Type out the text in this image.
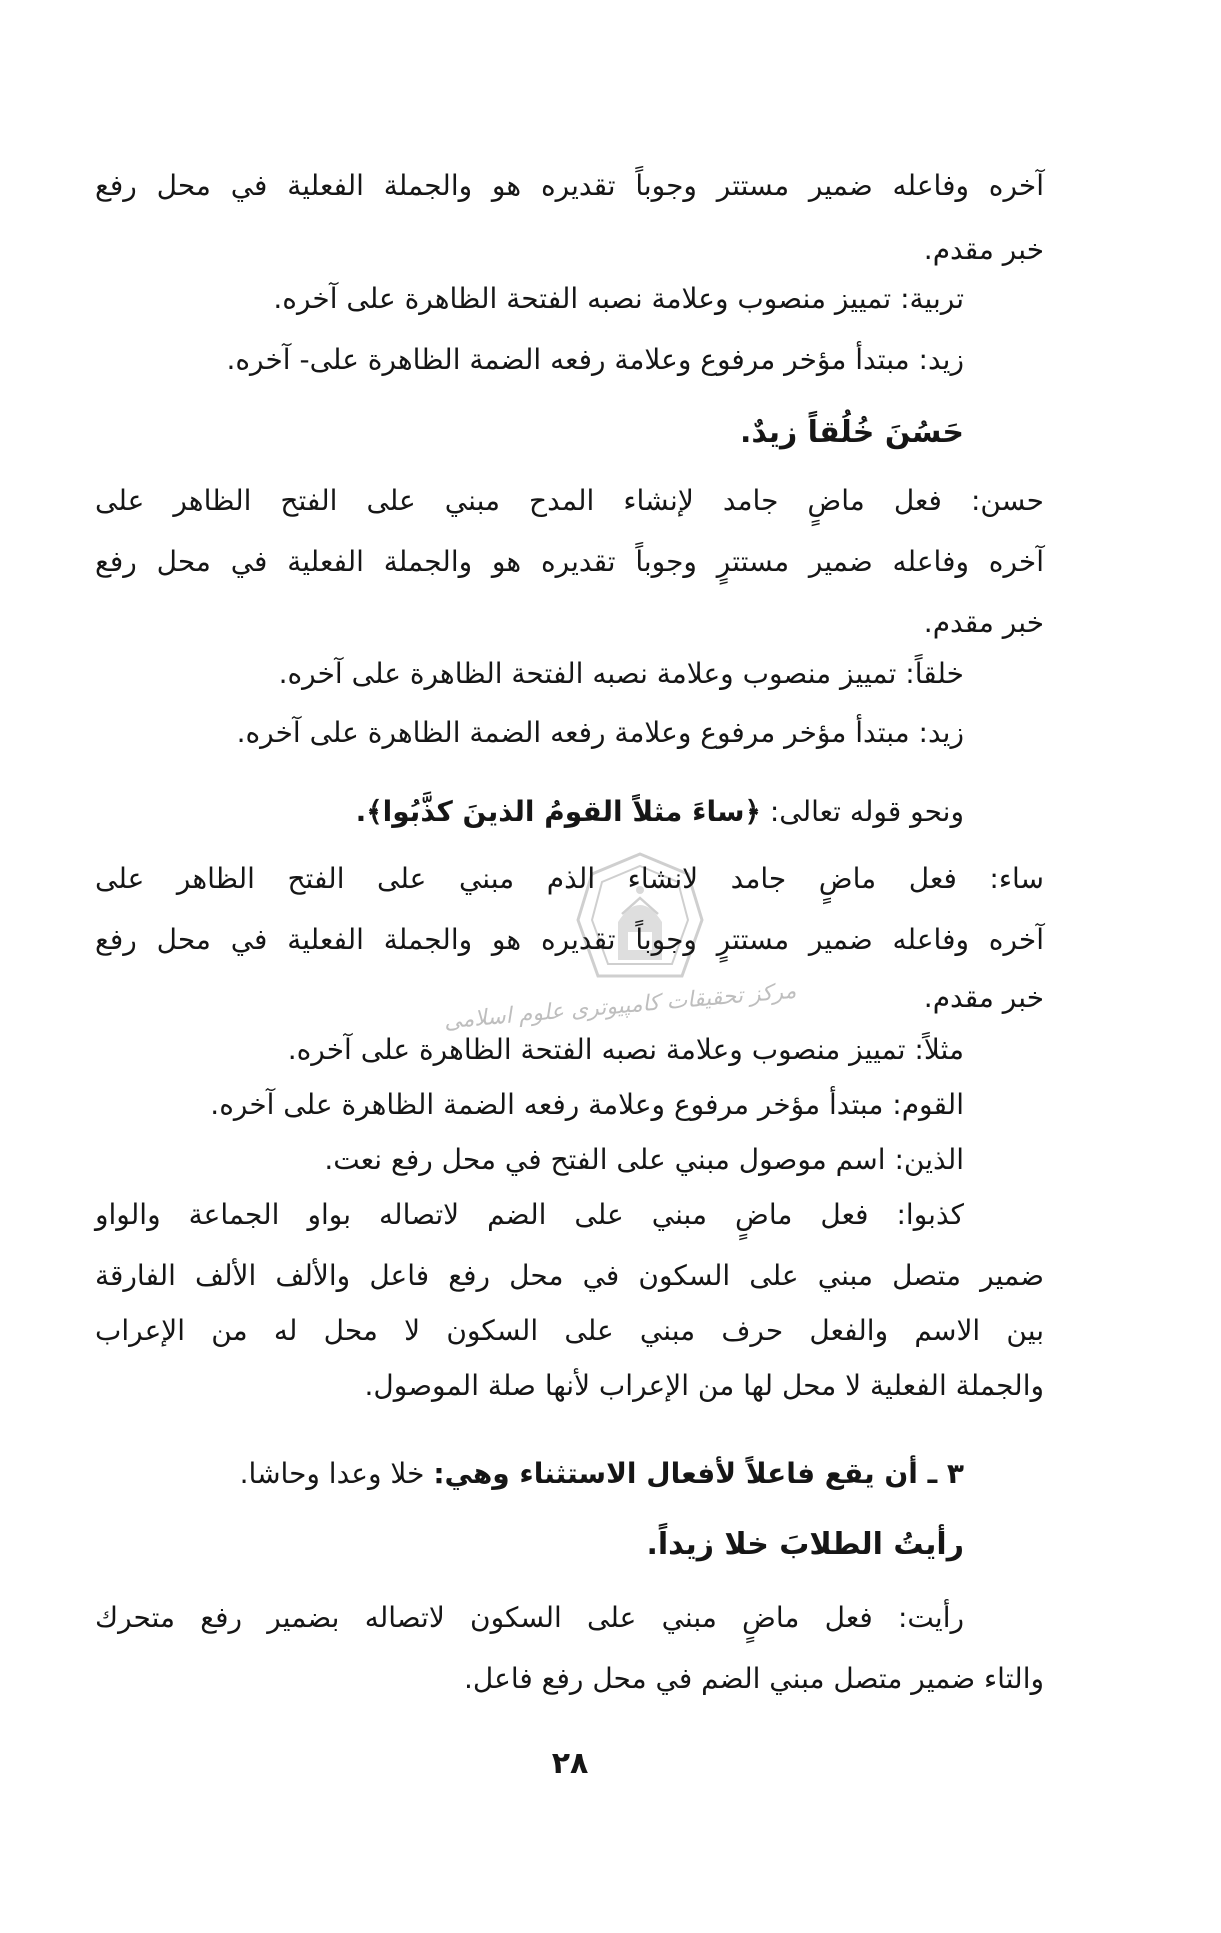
مرکز تحقیقات کامپیوتری علوم اسلامی
آخره وفاعله ضمير مستتر وجوباً تقديره هو والجملة الفعلية في محل رفع
خبر مقدم.
تربية: تمييز منصوب وعلامة نصبه الفتحة الظاهرة على آخره.
زيد: مبتدأ مؤخر مرفوع وعلامة رفعه الضمة الظاهرة على- آخره.
حَسُنَ خُلُقاً زيدٌ.
حسن: فعل ماضٍ جامد لإنشاء المدح مبني على الفتح الظاهر على
آخره وفاعله ضمير مستترٍ وجوباً تقديره هو والجملة الفعلية في محل رفع
خبر مقدم.
خلقاً: تمييز منصوب وعلامة نصبه الفتحة الظاهرة على آخره.
زيد: مبتدأ مؤخر مرفوع وعلامة رفعه الضمة الظاهرة على آخره.
ونحو قوله تعالى: ﴿ساءَ مثلاً القومُ الذينَ كذَّبُوا﴾.
ساء: فعل ماضٍ جامد لانشاء الذم مبني على الفتح الظاهر على
آخره وفاعله ضمير مستترٍ وجوباً تقديره هو والجملة الفعلية في محل رفع
خبر مقدم.
مثلاً: تمييز منصوب وعلامة نصبه الفتحة الظاهرة على آخره.
القوم: مبتدأ مؤخر مرفوع وعلامة رفعه الضمة الظاهرة على آخره.
الذين: اسم موصول مبني على الفتح في محل رفع نعت.
كذبوا: فعل ماضٍ مبني على الضم لاتصاله بواو الجماعة والواو
ضمير متصل مبني على السكون في محل رفع فاعل والألف الألف الفارقة
بين الاسم والفعل حرف مبني على السكون لا محل له من الإعراب
والجملة الفعلية لا محل لها من الإعراب لأنها صلة الموصول.
٣ ـ أن يقع فاعلاً لأفعال الاستثناء وهي: خلا وعدا وحاشا.
رأيتُ الطلابَ خلا زيداً.
رأيت: فعل ماضٍ مبني على السكون لاتصاله بضمير رفع متحرك
والتاء ضمير متصل مبني الضم في محل رفع فاعل.
٢٨
